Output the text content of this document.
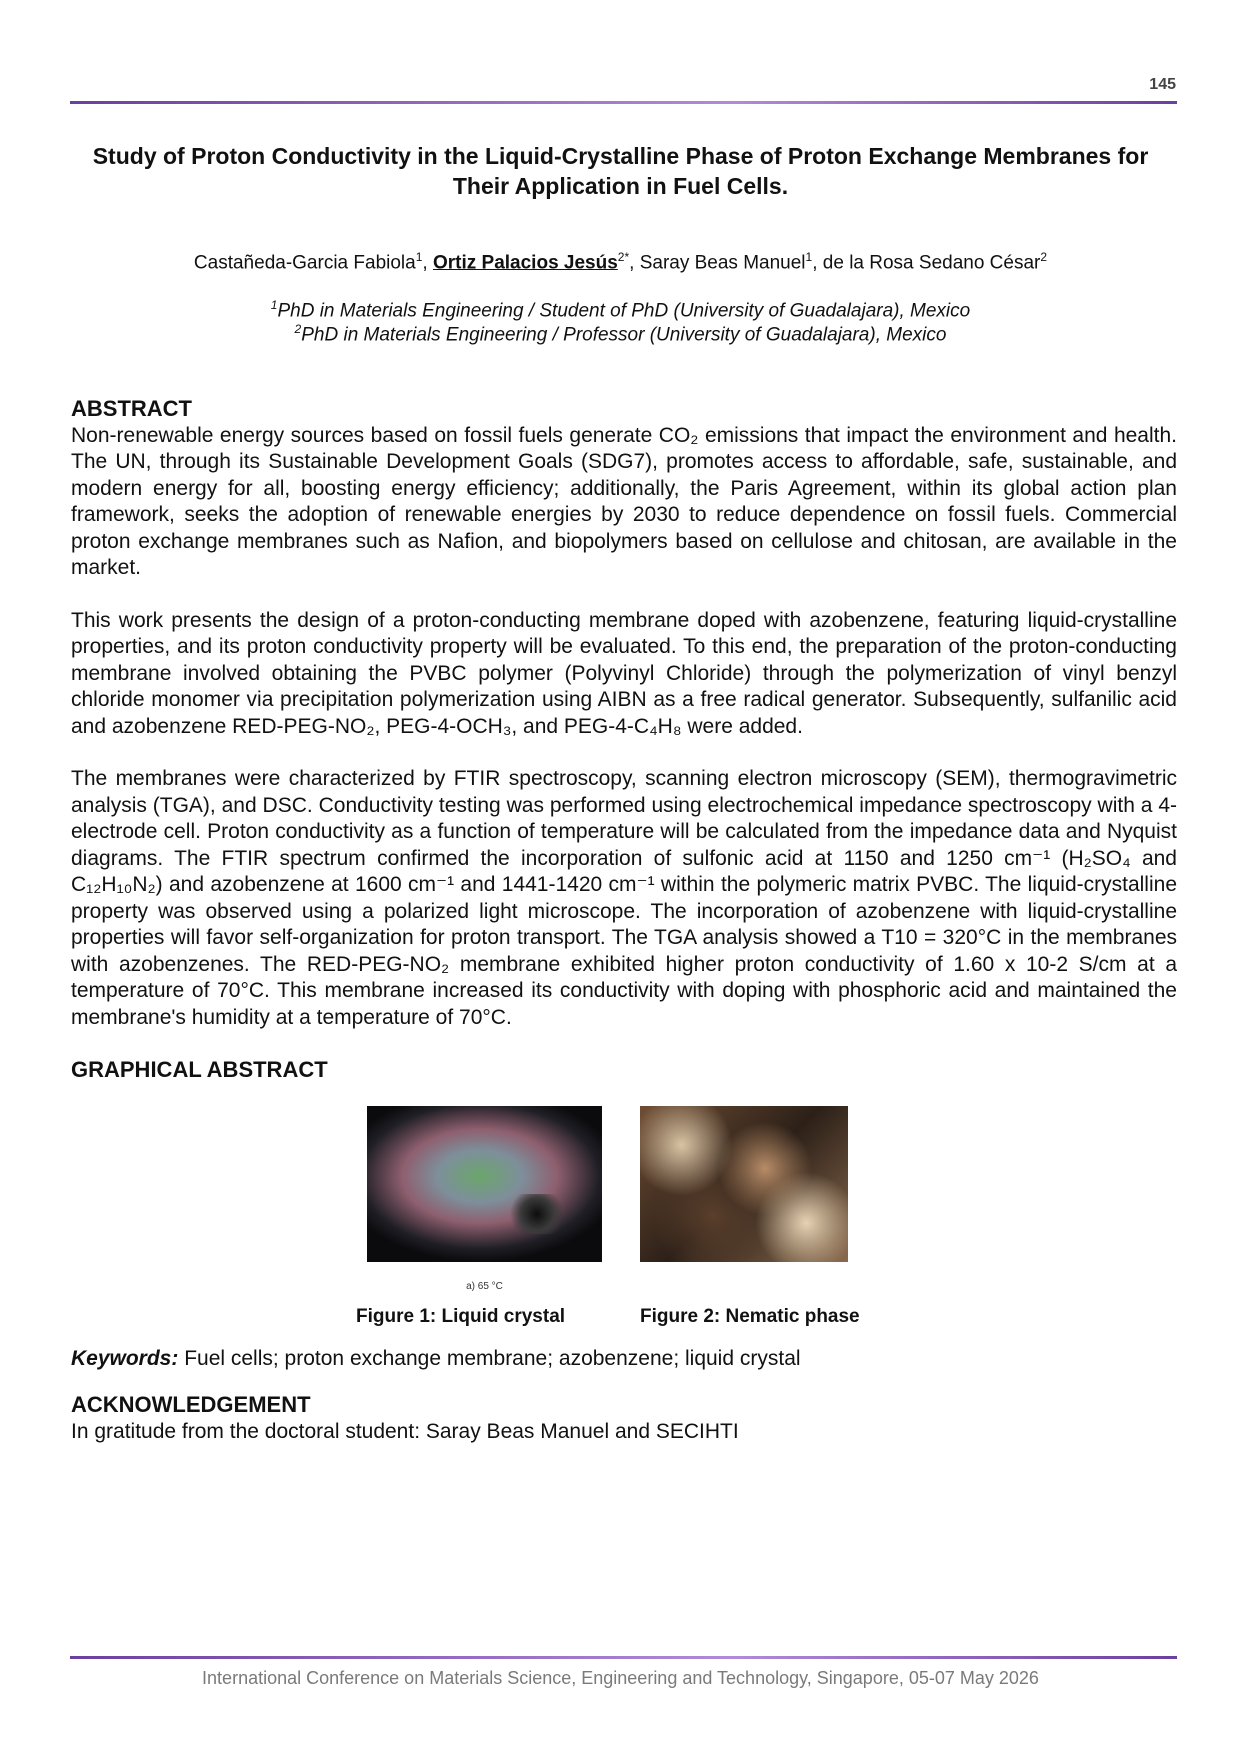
145
Study of Proton Conductivity in the Liquid-Crystalline Phase of Proton Exchange Membranes for Their Application in Fuel Cells.
Castañeda-Garcia Fabiola$^1$, Ortiz Palacios Jesús$^{2*}$, Saray Beas Manuel$^1$, de la Rosa Sedano César$^2$
$^1$PhD in Materials Engineering / Student of PhD (University of Guadalajara), Mexico
$^2$PhD in Materials Engineering / Professor (University of Guadalajara), Mexico
ABSTRACT

Non-renewable energy sources based on fossil fuels generate CO₂ emissions that impact the environment and health. The UN, through its Sustainable Development Goals (SDG7), promotes access to affordable, safe, sustainable, and modern energy for all, boosting energy efficiency; additionally, the Paris Agreement, within its global action plan framework, seeks the adoption of renewable energies by 2030 to reduce dependence on fossil fuels. Commercial proton exchange membranes such as Nafion, and biopolymers based on cellulose and chitosan, are available in the market.

This work presents the design of a proton-conducting membrane doped with azobenzene, featuring liquid-crystalline properties, and its proton conductivity property will be evaluated. To this end, the preparation of the proton-conducting membrane involved obtaining the PVBC polymer (Polyvinyl Chloride) through the polymerization of vinyl benzyl chloride monomer via precipitation polymerization using AIBN as a free radical generator. Subsequently, sulfanilic acid and azobenzene RED-PEG-NO₂, PEG-4-OCH₃, and PEG-4-C₄H₈ were added.

The membranes were characterized by FTIR spectroscopy, scanning electron microscopy (SEM), thermogravimetric analysis (TGA), and DSC. Conductivity testing was performed using electrochemical impedance spectroscopy with a 4-electrode cell. Proton conductivity as a function of temperature will be calculated from the impedance data and Nyquist diagrams. The FTIR spectrum confirmed the incorporation of sulfonic acid at 1150 and 1250 cm⁻¹ (H₂SO₄ and C₁₂H₁₀N₂) and azobenzene at 1600 cm⁻¹ and 1441-1420 cm⁻¹ within the polymeric matrix PVBC. The liquid-crystalline property was observed using a polarized light microscope. The incorporation of azobenzene with liquid-crystalline properties will favor self-organization for proton transport. The TGA analysis showed a T10 = 320°C in the membranes with azobenzenes. The RED-PEG-NO₂ membrane exhibited higher proton conductivity of 1.60 x 10-2 S/cm at a temperature of 70°C. This membrane increased its conductivity with doping with phosphoric acid and maintained the membrane's humidity at a temperature of 70°C.

GRAPHICAL ABSTRACT
a) 65 °C
Figure 1: Liquid crystal	Figure 2: Nematic phase

Keywords: Fuel cells; proton exchange membrane; azobenzene; liquid crystal

ACKNOWLEDGEMENT

In gratitude from the doctoral student: Saray Beas Manuel and SECIHTI

International Conference on Materials Science, Engineering and Technology, Singapore, 05-07 May 2026
